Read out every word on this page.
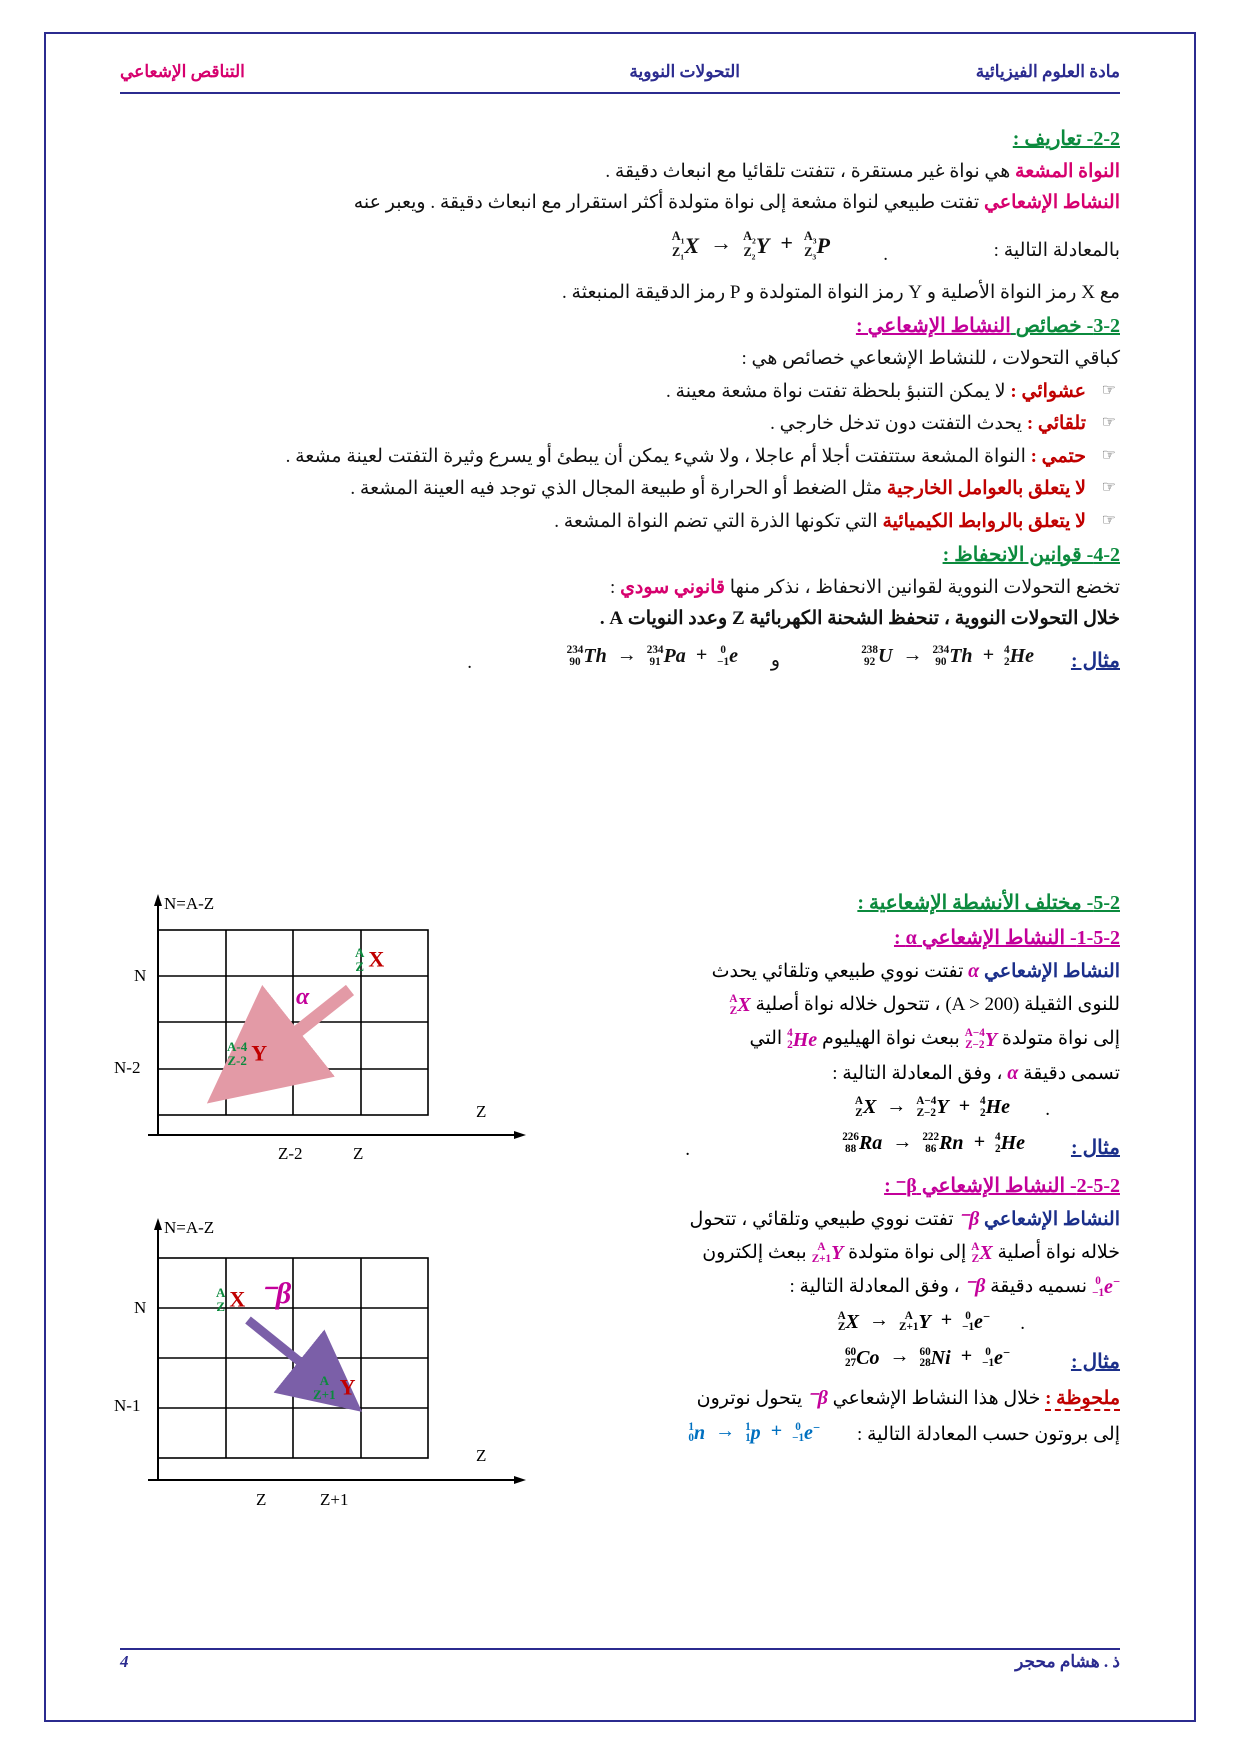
مادة العلوم الفيزيائية
التحولات النووية
التناقص الإشعاعي
2-2- تعاريف :
النواة المشعة هي نواة غير مستقرة ، تتفتت تلقائيا مع انبعاث دقيقة .
النشاط الإشعاعي تفتت طبيعي لنواة مشعة إلى نواة متولدة أكثر استقرار مع انبعاث دقيقة . ويعبر عنه
بالمعادلة التالية :
$A_1$
$Z_1$ $X \to A_2$
$Z_2$ $Y + A_3$
$Z_3$ P	.
مع X رمز النواة الأصلية و Y رمز النواة المتولدة و P رمز الدقيقة المنبعثة .
3-2- خصائص النشاط الإشعاعي :
كباقي التحولات ، للنشاط الإشعاعي خصائص هي :
☞
عشوائي : لا يمكن التنبؤ بلحظة تفتت نواة مشعة معينة .
☞
تلقائي : يحدث التفتت دون تدخل خارجي .
☞
حتمي : النواة المشعة ستتفتت أجلا أم عاجلا ، ولا شيء يمكن أن يبطئ أو يسرع وثيرة التفتت لعينة مشعة .
☞
لا يتعلق بالعوامل الخارجية مثل الضغط أو الحرارة أو طبيعة المجال الذي توجد فيه العينة المشعة .
☞
لا يتعلق بالروابط الكيميائية التي تكونها الذرة التي تضم النواة المشعة .
4-2- قوانين الانحفاظ :
تخضع التحولات النووية لقوانين الانحفاظ ، نذكر منها قانوني سودي :
خلال التحولات النووية ، تنحفظ الشحنة الكهربائية Z وعدد النويات A .
مثال :
238
92 U  → 234
90 Th  + 4
2 He
و
234
90 Th  → 234
91 Pa  + 0
−1 e
.
5-2- مختلف الأنشطة الإشعاعية :
1-5-2- النشاط الإشعاعي α :
النشاط الإشعاعي α تفتت نووي طبيعي وتلقائي يحدث
للنوى الثقيلة (A > 200) ، تتحول خلاله نواة أصلية
A
Z X
إلى نواة متولدة
A−4
Z−2 Y ببعث نواة الهيليوم
4
2 He التي
تسمى دقيقة α ، وفق المعادلة التالية :
A
Z X  → A−4
Z−2 Y  + 4
2 He .
مثال :
226
88 Ra  → 222
86 Rn  + 4
2 He
.
2-5-2- النشاط الإشعاعي β⁻ :
النشاط الإشعاعي β⁻ تفتت نووي طبيعي وتلقائي ، تتحول
خلاله نواة أصلية
A
Z X إلى نواة متولدة
A
Z+1 Y ببعث إلكترون
0
−1 e− نسميه دقيقة β⁻ ، وفق المعادلة التالية :
A
Z X  → A
Z+1 Y  + 0
−1 e− .
مثال :
60
27 Co  → 60
28 Ni  + 0
−1 e−
ملحوظة : خلال هذا النشاط الإشعاعي β⁻ يتحول نوترون
إلى بروتون حسب المعادلة التالية :
1
0 n  → 1
1 p  + 0
−1 e−
N=A-Z
N
N-2
Z-2	Z
Z
A
Z X
A-4
Z-2 Y
α
N=A-Z
N
N-1
Z	Z+1
Z
A
Z X
A
Z+1 Y
β⁻
ذ . هشام محجر
4
